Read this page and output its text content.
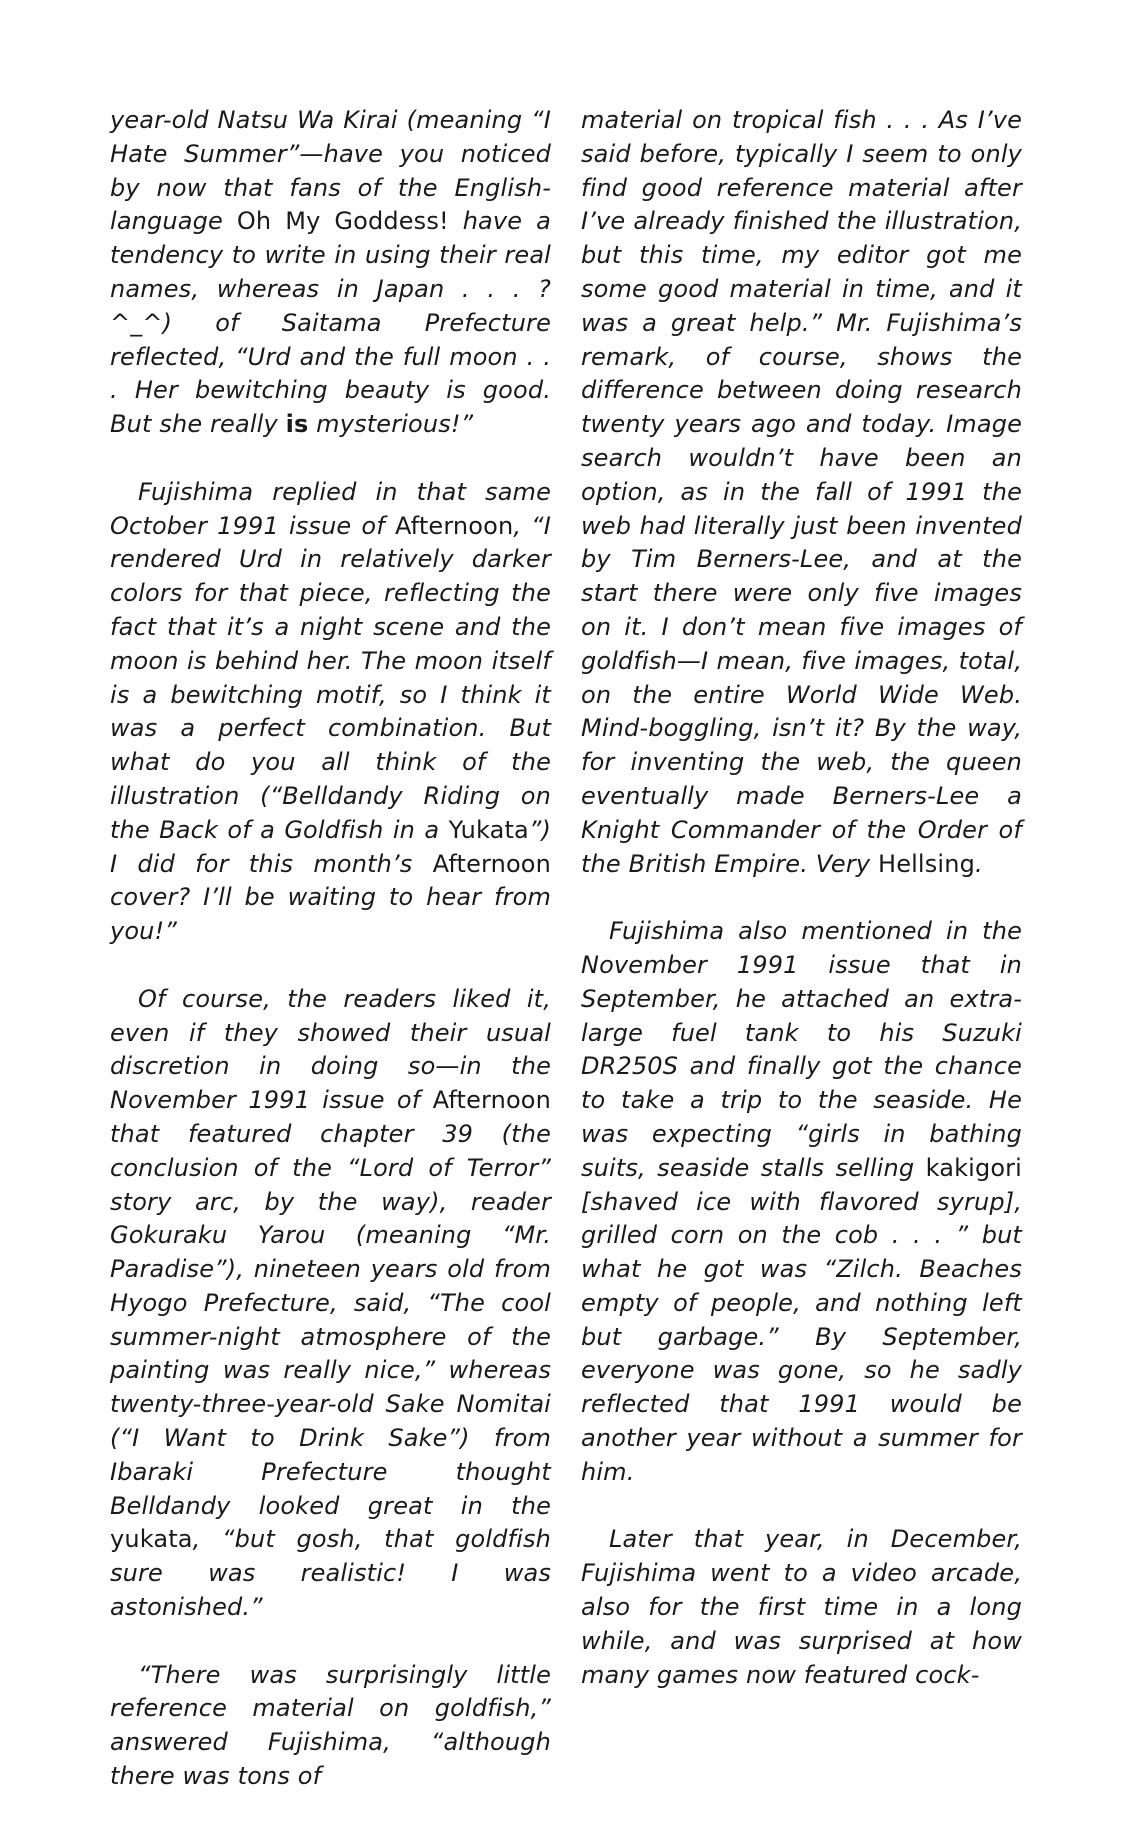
year-old Natsu Wa Kirai (meaning “I Hate Summer”—have you noticed by now that fans of the English-language Oh My Goddess! have a tendency to write in using their real names, whereas in Japan . . . ? ^_^) of Saitama Prefecture reflected, “Urd and the full moon . . . Her bewitching beauty is good. But she really is mysterious!”

Fujishima replied in that same October 1991 issue of Afternoon, “I rendered Urd in relatively darker colors for that piece, reflecting the fact that it’s a night scene and the moon is behind her. The moon itself is a bewitching motif, so I think it was a perfect combination. But what do you all think of the illustration (“Belldandy Riding on the Back of a Goldfish in a Yukata”) I did for this month’s Afternoon cover? I’ll be waiting to hear from you!”

Of course, the readers liked it, even if they showed their usual discretion in doing so—in the November 1991 issue of Afternoon that featured chapter 39 (the conclusion of the “Lord of Terror” story arc, by the way), reader Gokuraku Yarou (meaning “Mr. Paradise”), nineteen years old from Hyogo Prefecture, said, “The cool summer-night atmosphere of the painting was really nice,” whereas twenty-three-year-old Sake Nomitai (“I Want to Drink Sake”) from Ibaraki Prefecture thought Belldandy looked great in the yukata, “but gosh, that goldfish sure was realistic! I was astonished.”

“There was surprisingly little reference material on goldfish,” answered Fujishima, “although there was tons of

material on tropical fish . . . As I’ve said before, typically I seem to only find good reference material after I’ve already finished the illustration, but this time, my editor got me some good material in time, and it was a great help.” Mr. Fujishima’s remark, of course, shows the difference between doing research twenty years ago and today. Image search wouldn’t have been an option, as in the fall of 1991 the web had literally just been invented by Tim Berners-Lee, and at the start there were only five images on it. I don’t mean five images of goldfish—I mean, five images, total, on the entire World Wide Web. Mind-boggling, isn’t it? By the way, for inventing the web, the queen eventually made Berners-Lee a Knight Commander of the Order of the British Empire. Very Hellsing.

Fujishima also mentioned in the November 1991 issue that in September, he attached an extra-large fuel tank to his Suzuki DR250S and finally got the chance to take a trip to the seaside. He was expecting “girls in bathing suits, seaside stalls selling kakigori [shaved ice with flavored syrup], grilled corn on the cob . . . ” but what he got was “Zilch. Beaches empty of people, and nothing left but garbage.” By September, everyone was gone, so he sadly reflected that 1991 would be another year without a summer for him.

Later that year, in December, Fujishima went to a video arcade, also for the first time in a long while, and was surprised at how many games now featured cock-
